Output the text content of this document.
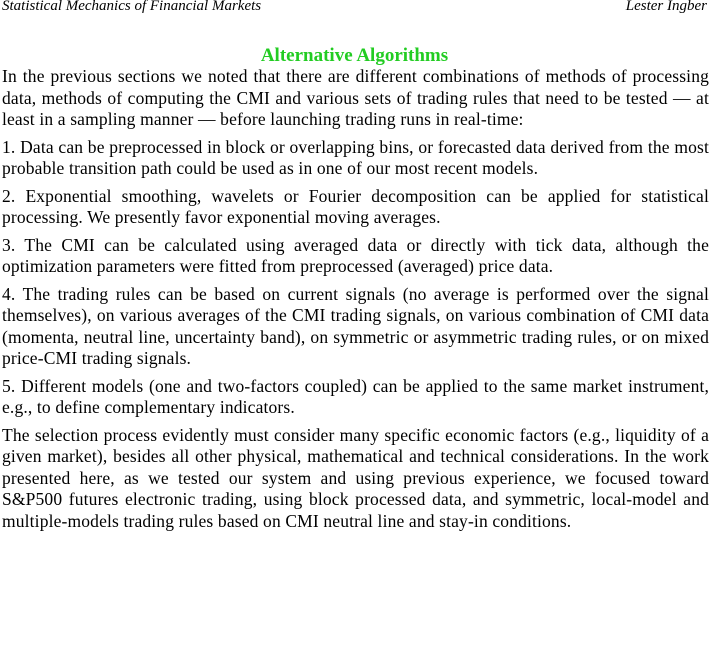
Statistical Mechanics of Financial Markets	Lester Ingber
Alternative Algorithms

In the previous sections we noted that there are different combinations of methods of processing data, methods of computing the CMI and various sets of trading rules that need to be tested — at least in a sampling manner — before launching trading runs in real-time:

1. Data can be preprocessed in block or overlapping bins, or forecasted data derived from the most probable transition path could be used as in one of our most recent models.

2. Exponential smoothing, wavelets or Fourier decomposition can be applied for statistical processing. We presently favor exponential moving averages.

3. The CMI can be calculated using averaged data or directly with tick data, although the optimization parameters were fitted from preprocessed (averaged) price data.

4. The trading rules can be based on current signals (no average is performed over the signal themselves), on various averages of the CMI trading signals, on various combination of CMI data (momenta, neutral line, uncertainty band), on symmetric or asymmetric trading rules, or on mixed price-CMI trading signals.

5. Different models (one and two-factors coupled) can be applied to the same market instrument, e.g., to define complementary indicators.

The selection process evidently must consider many specific economic factors (e.g., liquidity of a given market), besides all other physical, mathematical and technical considerations. In the work presented here, as we tested our system and using previous experience, we focused toward S&P500 futures electronic trading, using block processed data, and symmetric, local-model and multiple-models trading rules based on CMI neutral line and stay-in conditions.
